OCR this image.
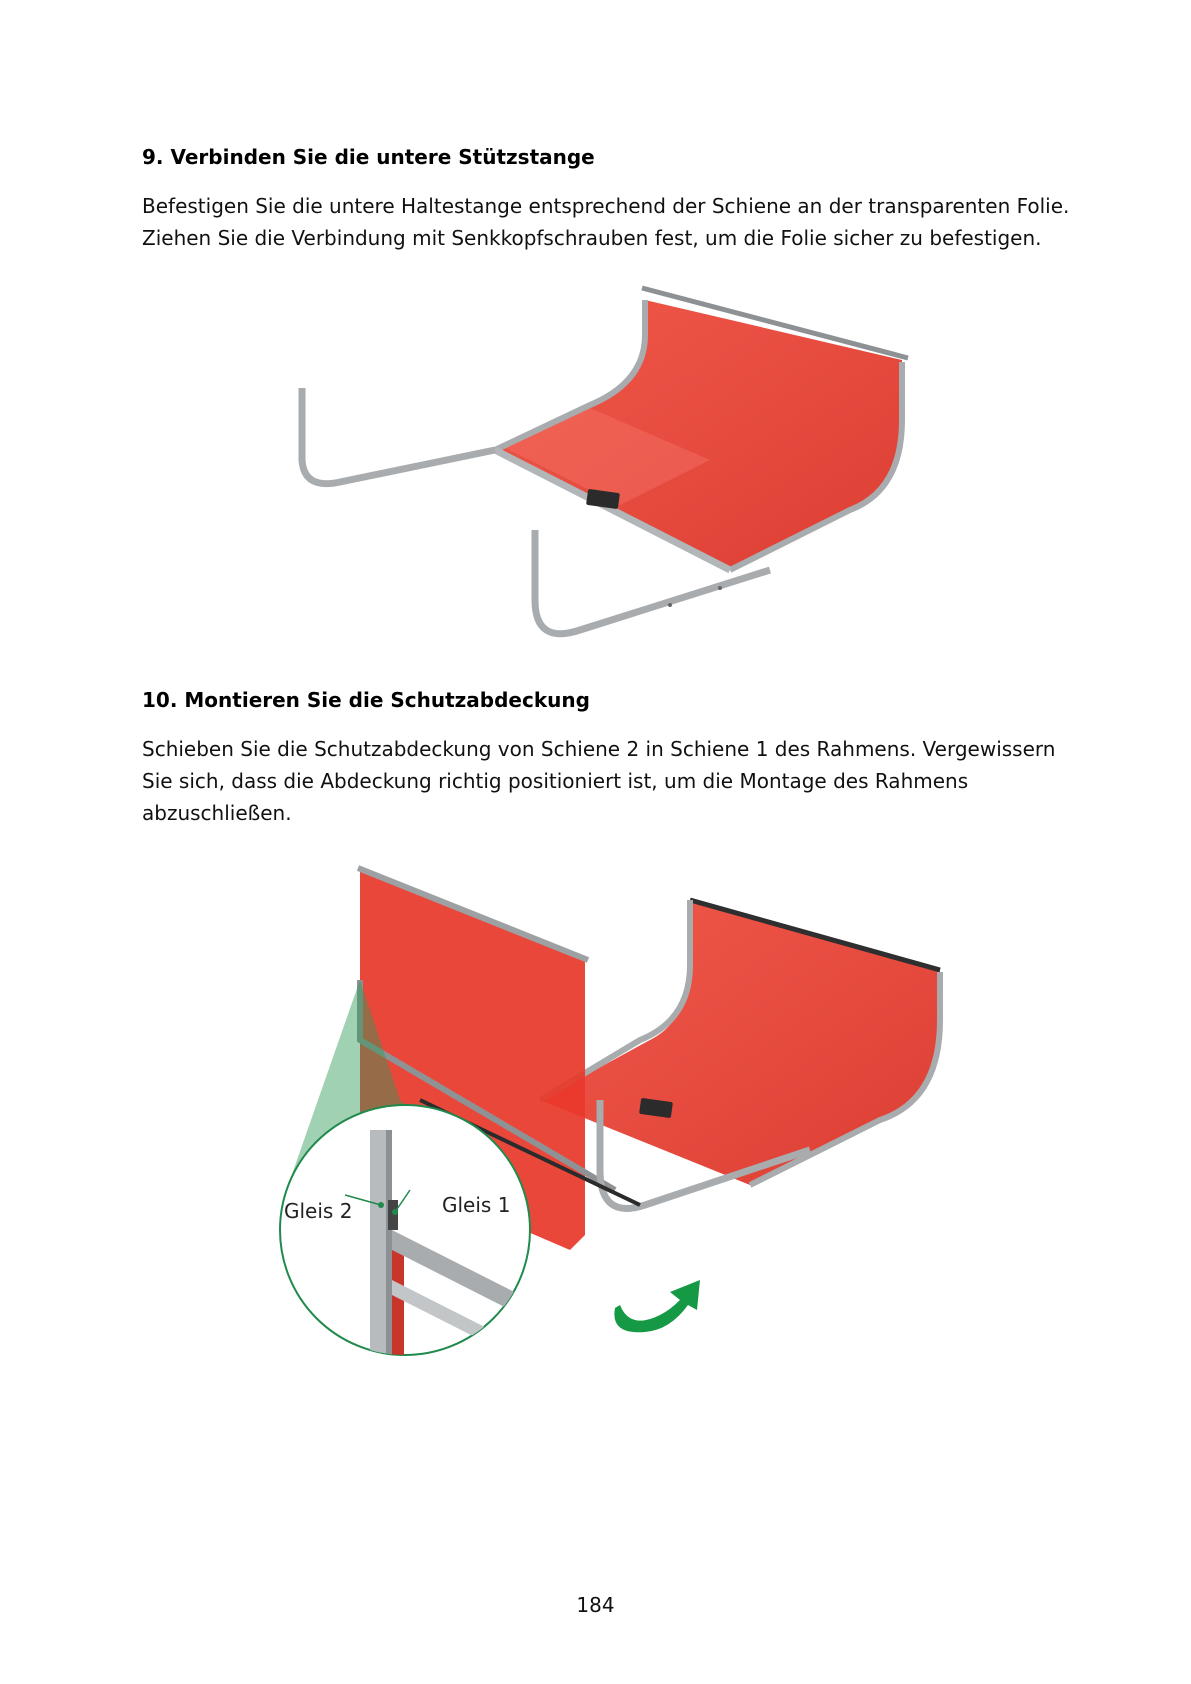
9. Verbinden Sie die untere Stützstange

Befestigen Sie die untere Haltestange entsprechend der Schiene an der transparenten Folie.
Ziehen Sie die Verbindung mit Senkkopfschrauben fest, um die Folie sicher zu befestigen.

10. Montieren Sie die Schutzabdeckung

Schieben Sie die Schutzabdeckung von Schiene 2 in Schiene 1 des Rahmens. Vergewissern
Sie sich, dass die Abdeckung richtig positioniert ist, um die Montage des Rahmens
abzuschließen.

Gleis 2	Gleis 1
184
